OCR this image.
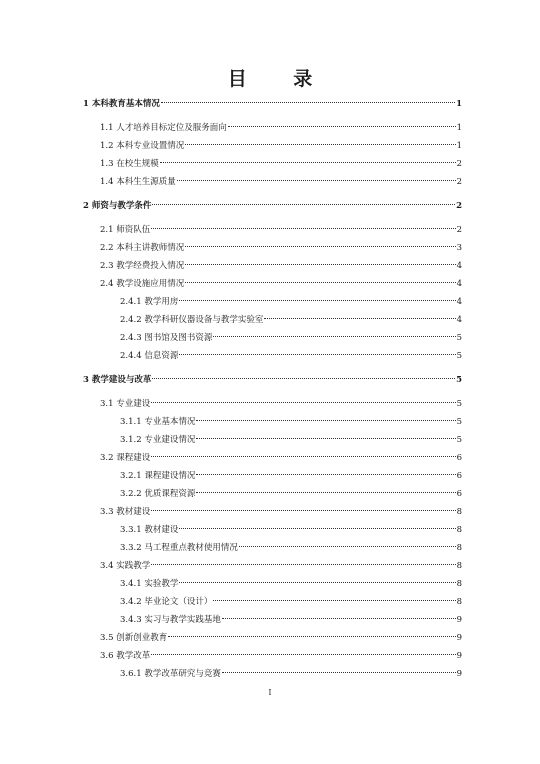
目 录
1 本科教育基本情况	1
1.1 人才培养目标定位及服务面向	1
1.2 本科专业设置情况	1
1.3 在校生规模	2
1.4 本科生生源质量	2
2 师资与教学条件	2
2.1 师资队伍	2
2.2 本科主讲教师情况	3
2.3 教学经费投入情况	4
2.4 教学设施应用情况	4
2.4.1 教学用房	4
2.4.2 教学科研仪器设备与教学实验室	4
2.4.3 图书馆及图书资源	5
2.4.4 信息资源	5
3 教学建设与改革	5
3.1 专业建设	5
3.1.1 专业基本情况	5
3.1.2 专业建设情况	5
3.2 课程建设	6
3.2.1 课程建设情况	6
3.2.2 优质课程资源	6
3.3 教材建设	8
3.3.1 教材建设	8
3.3.2 马工程重点教材使用情况	8
3.4 实践教学	8
3.4.1 实验教学	8
3.4.2 毕业论文（设计）	8
3.4.3 实习与教学实践基地	9
3.5 创新创业教育	9
3.6 教学改革	9
3.6.1 教学改革研究与竞赛	9
I
